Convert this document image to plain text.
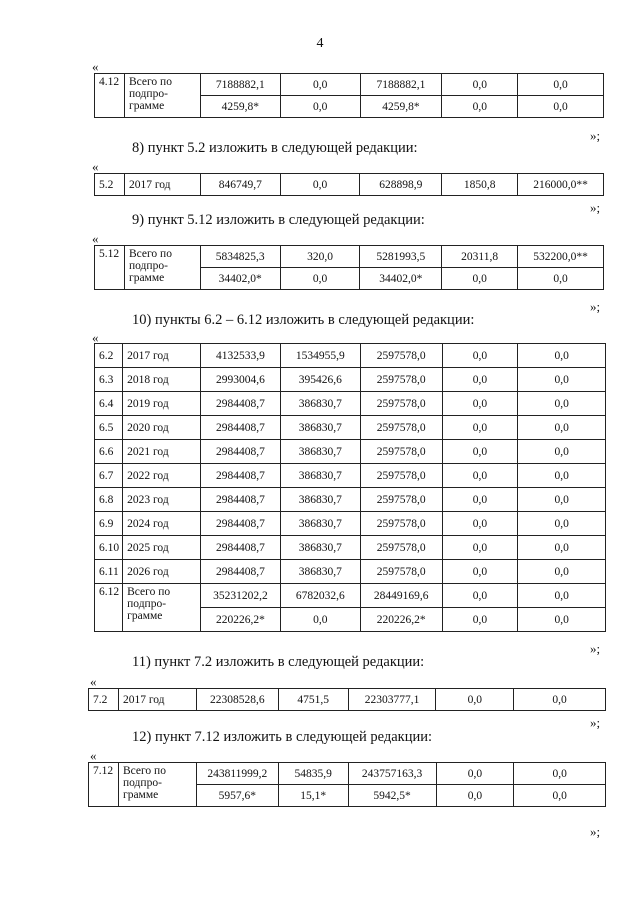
4
«
4.12	Всего по подпро-грамме	7188882,1	0,0	7188882,1	0,0	0,0
		4259,8*	0,0	4259,8*	0,0	0,0
»;
8) пункт 5.2 изложить в следующей редакции:
«
5.2	2017 год	846749,7	0,0	628898,9	1850,8	216000,0**
»;
9) пункт 5.12 изложить в следующей редакции:
«
5.12	Всего по подпро-грамме	5834825,3	320,0	5281993,5	20311,8	532200,0**
		34402,0*	0,0	34402,0*	0,0	0,0
»;
10) пункты 6.2 – 6.12 изложить в следующей редакции:
«
6.2	2017 год	4132533,9	1534955,9	2597578,0	0,0	0,0
6.3	2018 год	2993004,6	395426,6	2597578,0	0,0	0,0
6.4	2019 год	2984408,7	386830,7	2597578,0	0,0	0,0
6.5	2020 год	2984408,7	386830,7	2597578,0	0,0	0,0
6.6	2021 год	2984408,7	386830,7	2597578,0	0,0	0,0
6.7	2022 год	2984408,7	386830,7	2597578,0	0,0	0,0
6.8	2023 год	2984408,7	386830,7	2597578,0	0,0	0,0
6.9	2024 год	2984408,7	386830,7	2597578,0	0,0	0,0
6.10	2025 год	2984408,7	386830,7	2597578,0	0,0	0,0
6.11	2026 год	2984408,7	386830,7	2597578,0	0,0	0,0
6.12	Всего по подпро-грамме	35231202,2	6782032,6	28449169,6	0,0	0,0
		220226,2*	0,0	220226,2*	0,0	0,0
»;
11) пункт 7.2 изложить в следующей редакции:
«
7.2	2017 год	22308528,6	4751,5	22303777,1	0,0	0,0
»;
12) пункт 7.12 изложить в следующей редакции:
«
7.12	Всего по подпро-грамме	243811999,2	54835,9	243757163,3	0,0	0,0
		5957,6*	15,1*	5942,5*	0,0	0,0
»;
